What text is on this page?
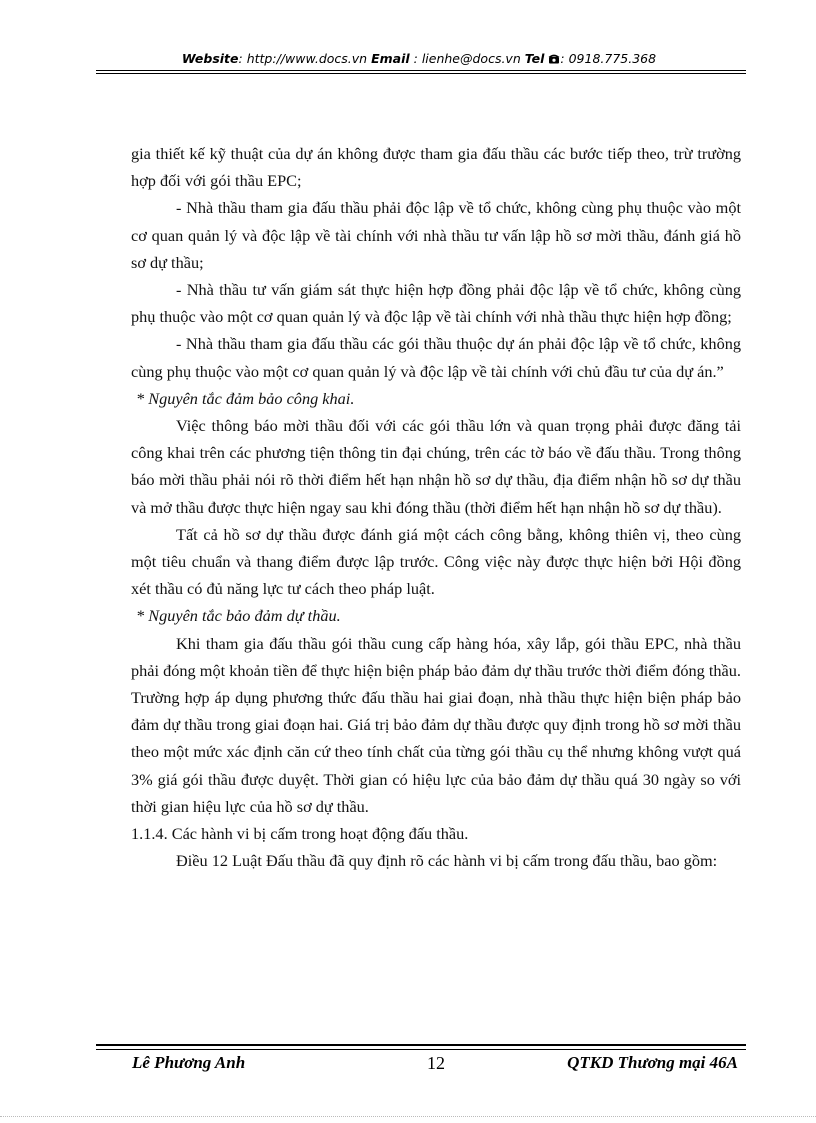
Website: http://www.docs.vn Email : lienhe@docs.vn Tel : 0918.775.368

gia thiết kế kỹ thuật của dự án không được tham gia đấu thầu các bước tiếp theo, trừ trường hợp đối với gói thầu EPC;

- Nhà thầu tham gia đấu thầu phải độc lập về tổ chức, không cùng phụ thuộc vào một cơ quan quản lý và độc lập về tài chính với nhà thầu tư vấn lập hồ sơ mời thầu, đánh giá hồ sơ dự thầu;

- Nhà thầu tư vấn giám sát thực hiện hợp đồng phải độc lập về tổ chức, không cùng phụ thuộc vào một cơ quan quản lý và độc lập về tài chính với nhà thầu thực hiện hợp đồng;

- Nhà thầu tham gia đấu thầu các gói thầu thuộc dự án phải độc lập về tổ chức, không cùng phụ thuộc vào một cơ quan quản lý và độc lập về tài chính với chủ đầu tư của dự án.”

* Nguyên tắc đảm bảo công khai.

Việc thông báo mời thầu đối với các gói thầu lớn và quan trọng phải được đăng tải công khai trên các phương tiện thông tin đại chúng, trên các tờ báo về đấu thầu. Trong thông báo mời thầu phải nói rõ thời điểm hết hạn nhận hồ sơ dự thầu, địa điểm nhận hồ sơ dự thầu và mở thầu được thực hiện ngay sau khi đóng thầu (thời điểm hết hạn nhận hồ sơ dự thầu).

Tất cả hồ sơ dự thầu được đánh giá một cách công bằng, không thiên vị, theo cùng một tiêu chuẩn và thang điểm được lập trước. Công việc này được thực hiện bởi Hội đồng xét thầu có đủ năng lực tư cách theo pháp luật.

* Nguyên tắc bảo đảm dự thầu.

Khi tham gia đấu thầu gói thầu cung cấp hàng hóa, xây lắp, gói thầu EPC, nhà thầu phải đóng một khoản tiền để thực hiện biện pháp bảo đảm dự thầu trước thời điểm đóng thầu. Trường hợp áp dụng phương thức đấu thầu hai giai đoạn, nhà thầu thực hiện biện pháp bảo đảm dự thầu trong giai đoạn hai. Giá trị bảo đảm dự thầu được quy định trong hồ sơ mời thầu theo một mức xác định căn cứ theo tính chất của từng gói thầu cụ thể nhưng không vượt quá 3% giá gói thầu được duyệt. Thời gian có hiệu lực của bảo đảm dự thầu quá 30 ngày so với thời gian hiệu lực của hồ sơ dự thầu.

1.1.4. Các hành vi bị cấm trong hoạt động đấu thầu.

Điều 12 Luật Đấu thầu đã quy định rõ các hành vi bị cấm trong đấu thầu, bao gồm:

Lê Phương Anh	12	QTKD Thương mại 46A
